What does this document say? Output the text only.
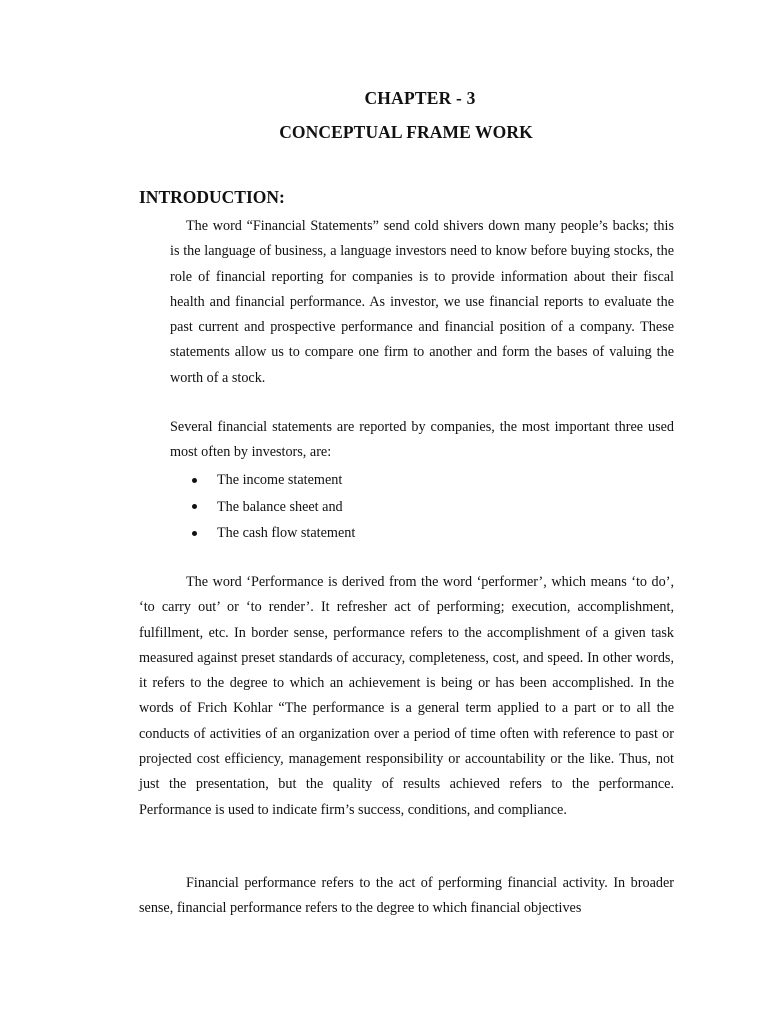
CHAPTER - 3
CONCEPTUAL FRAME WORK
INTRODUCTION:

The word “Financial Statements” send cold shivers down many people’s backs; this is the language of business, a language investors need to know before buying stocks, the role of financial reporting for companies is to provide information about their fiscal health and financial performance. As investor, we use financial reports to evaluate the past current and prospective performance and financial position of a company. These statements allow us to compare one firm to another and form the bases of valuing the worth of a stock.

Several financial statements are reported by companies, the most important three used most often by investors, are:

The income statement
The balance sheet and
The cash flow statement

The word ‘Performance is derived from the word ‘performer’, which means ‘to do’, ‘to carry out’ or ‘to render’. It refresher act of performing; execution, accomplishment, fulfillment, etc. In border sense, performance refers to the accomplishment of a given task measured against preset standards of accuracy, completeness, cost, and speed. In other words, it refers to the degree to which an achievement is being or has been accomplished. In the words of Frich Kohlar “The performance is a general term applied to a part or to all the conducts of activities of an organization over a period of time often with reference to past or projected cost efficiency, management responsibility or accountability or the like. Thus, not just the presentation, but the quality of results achieved refers to the performance. Performance is used to indicate firm’s success, conditions, and compliance.

Financial performance refers to the act of performing financial activity. In broader sense, financial performance refers to the degree to which financial objectives
